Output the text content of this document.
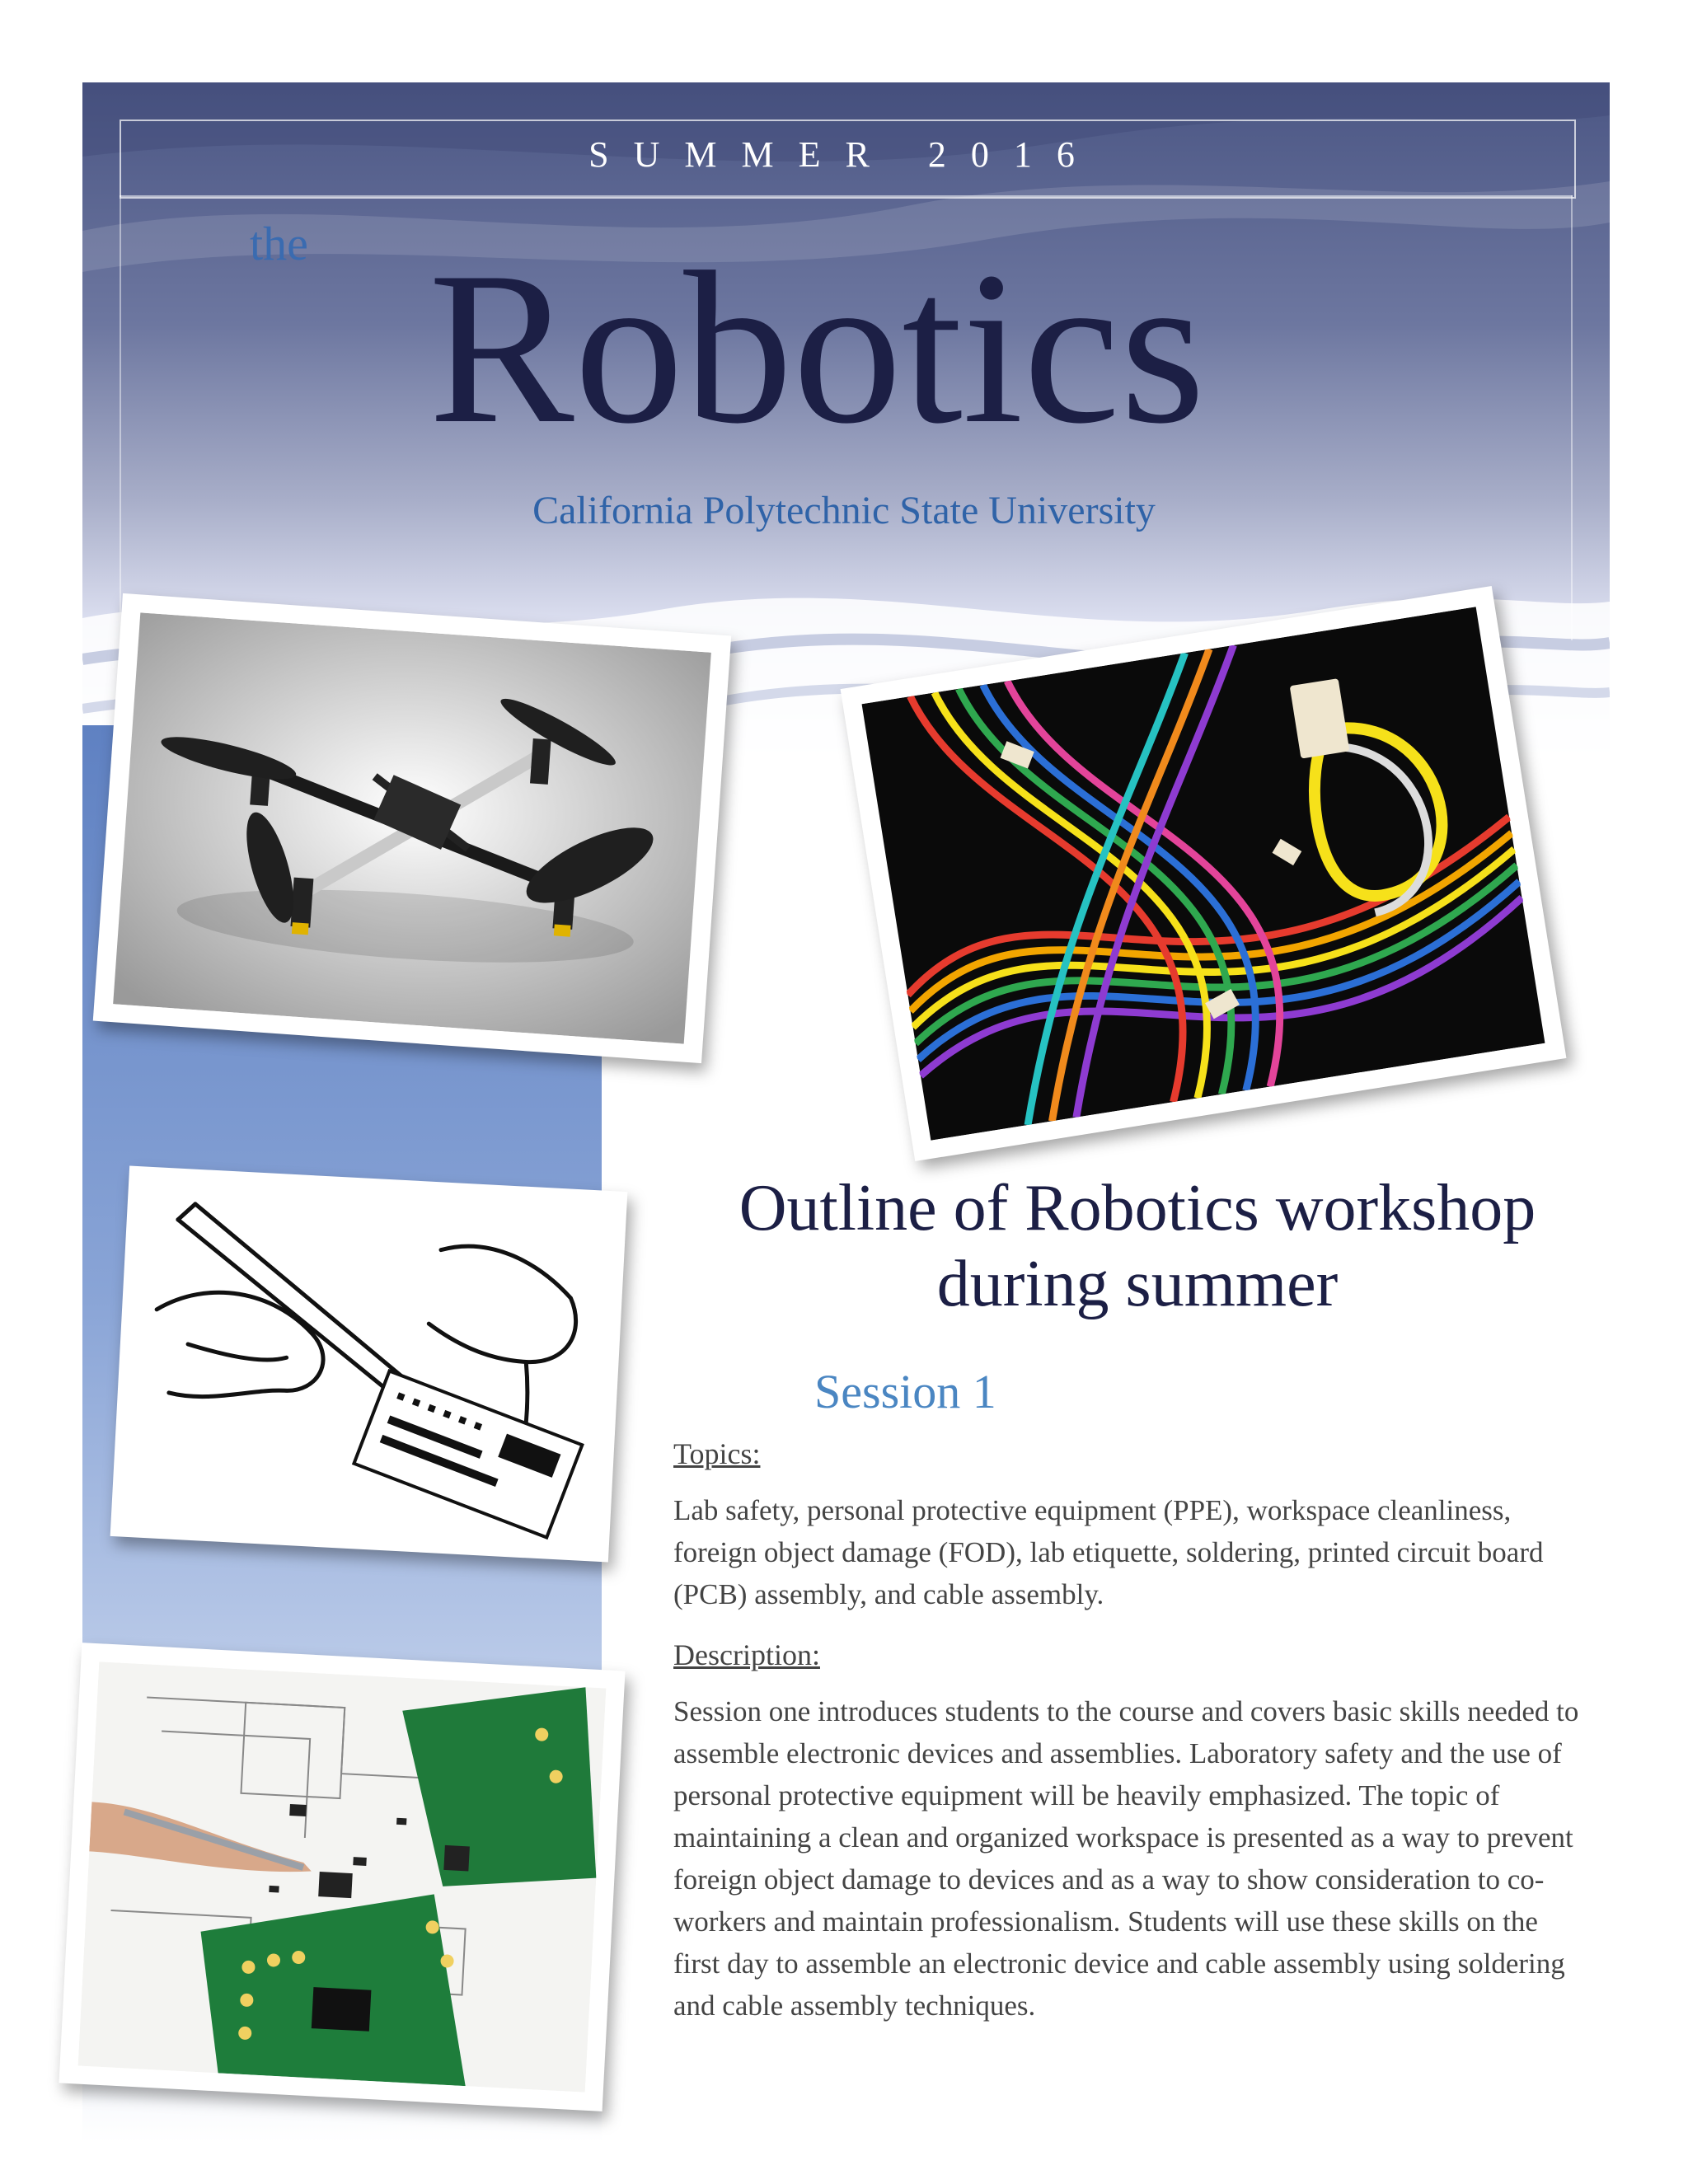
SUMMER 2016
the Robotics
California Polytechnic State University
Outline of Robotics workshop during summer
Session 1
Topics:

Lab safety, personal protective equipment (PPE), workspace cleanliness, foreign object damage (FOD), lab etiquette, soldering, printed circuit board (PCB) assembly, and cable assembly.

Description:

Session one introduces students to the course and covers basic skills needed to assemble electronic devices and assemblies. Laboratory safety and the use of personal protective equipment will be heavily emphasized. The topic of maintaining a clean and organized workspace is presented as a way to prevent foreign object damage to devices and as a way to show consideration to co-workers and maintain professionalism. Students will use these skills on the first day to assemble an electronic device and cable assembly using soldering and cable assembly techniques.
